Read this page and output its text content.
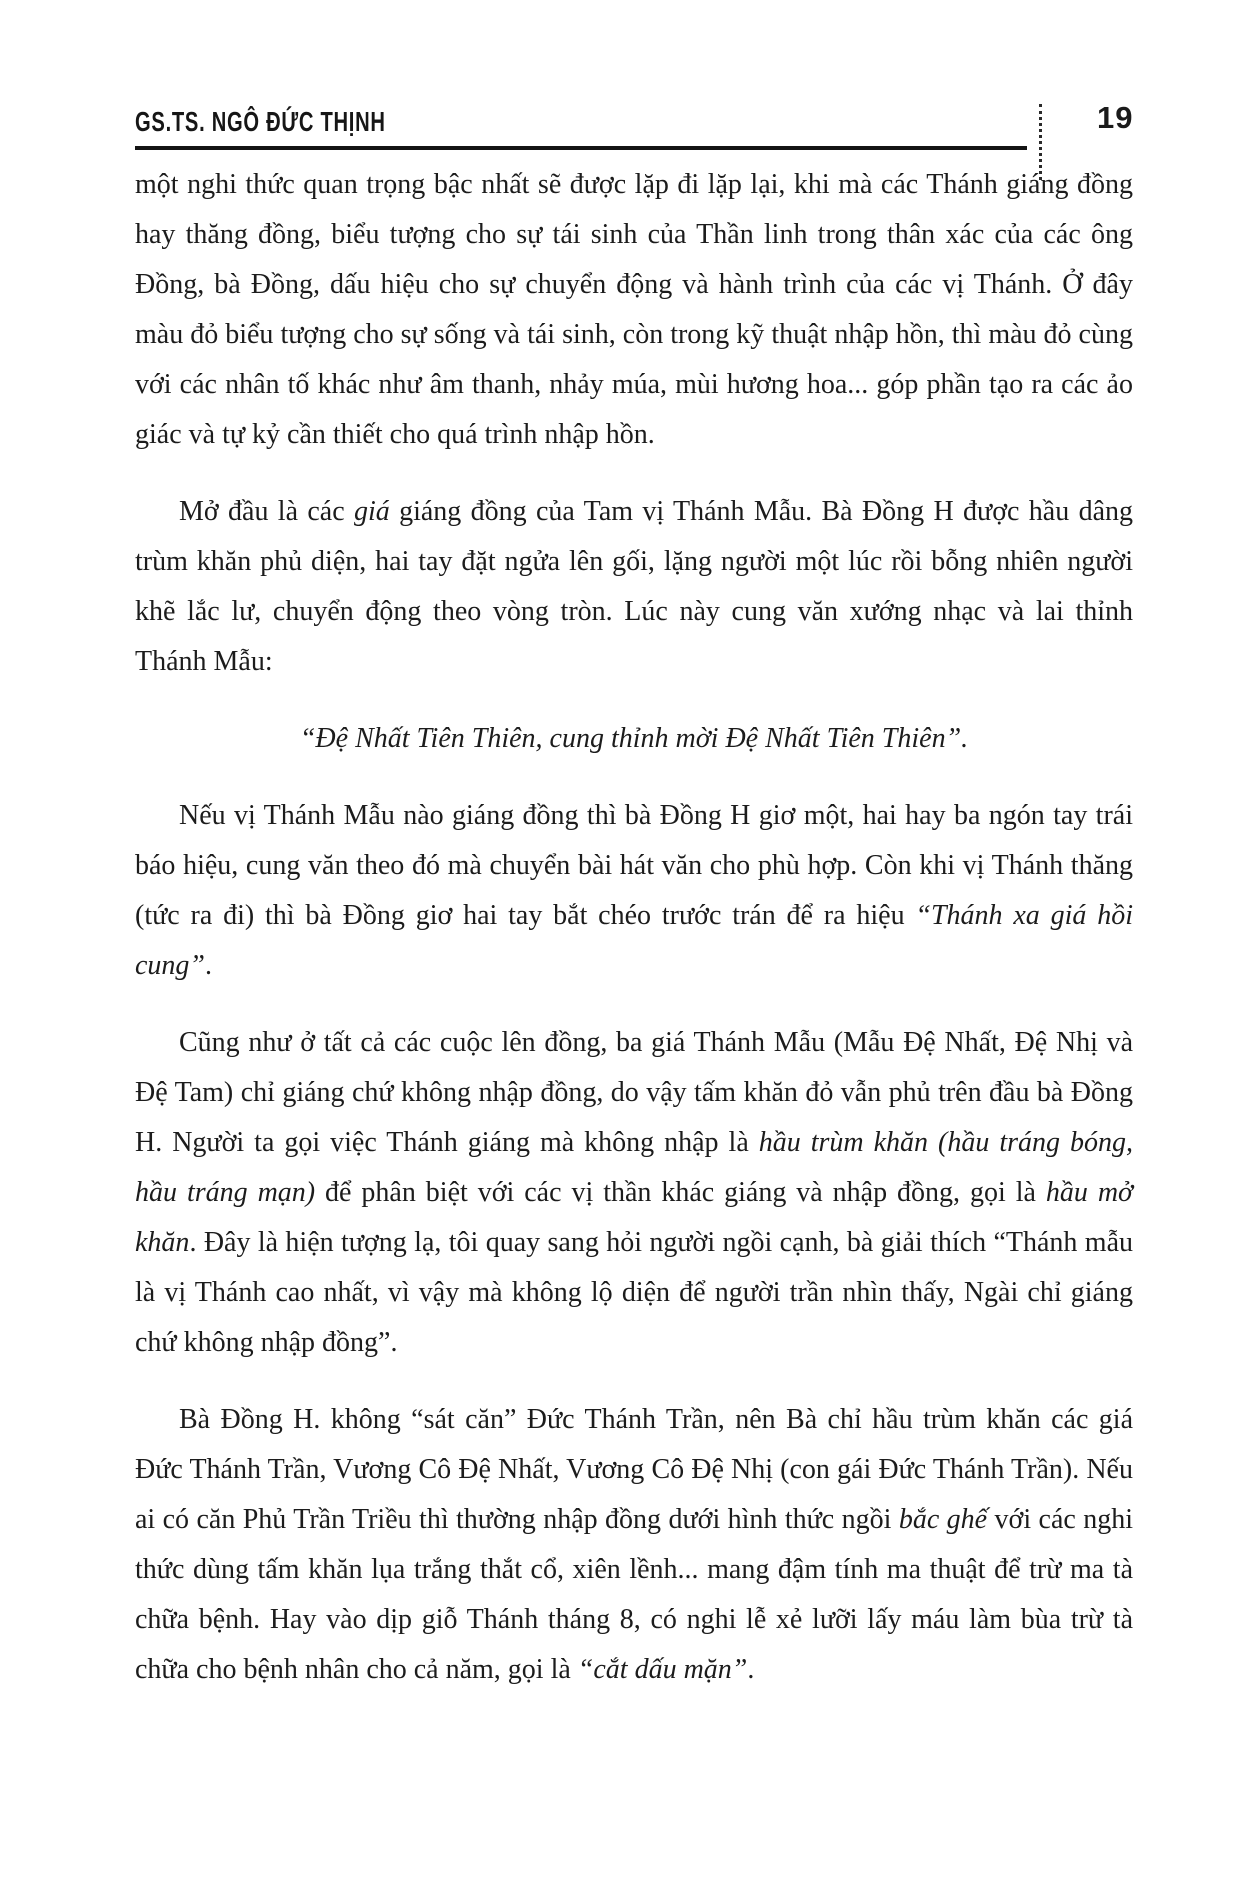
GS.TS. NGÔ ĐỨC THỊNH	19

một nghi thức quan trọng bậc nhất sẽ được lặp đi lặp lại, khi mà các Thánh giáng đồng hay thăng đồng, biểu tượng cho sự tái sinh của Thần linh trong thân xác của các ông Đồng, bà Đồng, dấu hiệu cho sự chuyển động và hành trình của các vị Thánh. Ở đây màu đỏ biểu tượng cho sự sống và tái sinh, còn trong kỹ thuật nhập hồn, thì màu đỏ cùng với các nhân tố khác như âm thanh, nhảy múa, mùi hương hoa... góp phần tạo ra các ảo giác và tự kỷ cần thiết cho quá trình nhập hồn.

Mở đầu là các giá giáng đồng của Tam vị Thánh Mẫu. Bà Đồng H được hầu dâng trùm khăn phủ diện, hai tay đặt ngửa lên gối, lặng người một lúc rồi bỗng nhiên người khẽ lắc lư, chuyển động theo vòng tròn. Lúc này cung văn xướng nhạc và lai thỉnh Thánh Mẫu:

“Đệ Nhất Tiên Thiên, cung thỉnh mời Đệ Nhất Tiên Thiên”.

Nếu vị Thánh Mẫu nào giáng đồng thì bà Đồng H giơ một, hai hay ba ngón tay trái báo hiệu, cung văn theo đó mà chuyển bài hát văn cho phù hợp. Còn khi vị Thánh thăng (tức ra đi) thì bà Đồng giơ hai tay bắt chéo trước trán để ra hiệu “Thánh xa giá hồi cung”.

Cũng như ở tất cả các cuộc lên đồng, ba giá Thánh Mẫu (Mẫu Đệ Nhất, Đệ Nhị và Đệ Tam) chỉ giáng chứ không nhập đồng, do vậy tấm khăn đỏ vẫn phủ trên đầu bà Đồng H. Người ta gọi việc Thánh giáng mà không nhập là hầu trùm khăn (hầu tráng bóng, hầu tráng mạn) để phân biệt với các vị thần khác giáng và nhập đồng, gọi là hầu mở khăn. Đây là hiện tượng lạ, tôi quay sang hỏi người ngồi cạnh, bà giải thích “Thánh mẫu là vị Thánh cao nhất, vì vậy mà không lộ diện để người trần nhìn thấy, Ngài chỉ giáng chứ không nhập đồng”.

Bà Đồng H. không “sát căn” Đức Thánh Trần, nên Bà chỉ hầu trùm khăn các giá Đức Thánh Trần, Vương Cô Đệ Nhất, Vương Cô Đệ Nhị (con gái Đức Thánh Trần). Nếu ai có căn Phủ Trần Triều thì thường nhập đồng dưới hình thức ngồi bắc ghế với các nghi thức dùng tấm khăn lụa trắng thắt cổ, xiên lềnh... mang đậm tính ma thuật để trừ ma tà chữa bệnh. Hay vào dịp giỗ Thánh tháng 8, có nghi lễ xẻ lưỡi lấy máu làm bùa trừ tà chữa cho bệnh nhân cho cả năm, gọi là “cắt dấu mặn”.
